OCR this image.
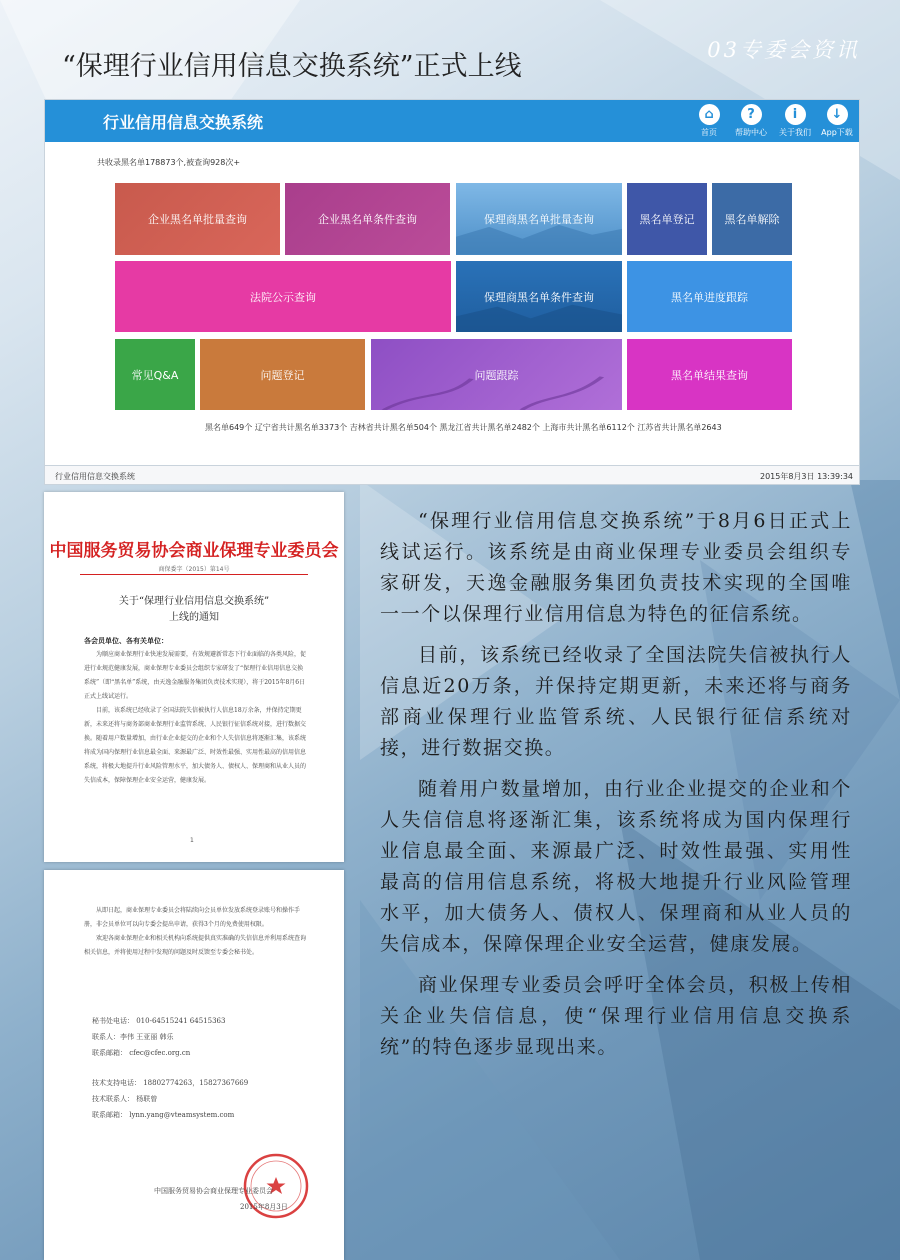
“保理行业信用信息交换系统”正式上线
03专委会资讯
行业信用信息交换系统
⌂
首页
?
帮助中心
i
关于我们
↓
App下载
共收录黑名单178873个,被查询928次+
企业黑名单批量查询	企业黑名单条件查询	保理商黑名单批量查询	黑名单登记	黑名单解除
法院公示查询	保理商黑名单条件查询	黑名单进度跟踪
常见Q&A	问题登记	问题跟踪	黑名单结果查询
黑名单649个 辽宁省共计黑名单3373个 吉林省共计黑名单504个 黑龙江省共计黑名单2482个 上海市共计黑名单6112个 江苏省共计黑名单2643
行业信用信息交换系统	2015年8月3日 13:39:34
中国服务贸易协会商业保理专业委员会
商保委字（2015）第14号
关于“保理行业信用信息交换系统”
上线的通知

各会员单位、各有关单位：

为顺应商业保理行业快速发展需要，有效规避新常态下行业面临的各类风险，促进行业规范健康发展，商业保理专业委员会组织专家研发了“保理行业信用信息交换系统”（即“黑名单”系统，由天逸金融服务集团负责技术实现），将于2015年8月6日正式上线试运行。

目前，该系统已经收录了全国法院失信被执行人信息18万余条，并保持定期更新，未来还将与商务部商业保理行业监管系统、人民银行征信系统对接，进行数据交换。随着用户数量增加，由行业企业提交的企业和个人失信信息将逐渐汇集，该系统将成为国内保理行业信息最全面、来源最广泛、时效性最强、实用性最高的信用信息系统，将极大地提升行业风险管理水平，加大债务人、债权人、保理商和从业人员的失信成本，保障保理企业安全运营，健康发展。

1

从即日起，商业保理专业委员会将陆续向会员单位发放系统登录账号和操作手册，非会员单位可以向专委会提出申请，获得3个月的免费使用权限。

欢迎各商业保理企业和相关机构向系统提供真实准确的失信信息并利用系统查询相关信息，并将使用过程中发现的问题及时反馈至专委会秘书处。

秘书处电话： 010-64515241 64515363
联系人：李伟 王亚丽 韩乐
联系邮箱： cfec@cfec.org.cn
技术支持电话： 18802774263，15827367669
技术联系人： 杨联曾
联系邮箱： lynn.yang@vteamsystem.com
中国服务贸易协会商业保理专业委员会
2015年8月3日

“保理行业信用信息交换系统”于8月6日正式上线试运行。该系统是由商业保理专业委员会组织专家研发，天逸金融服务集团负责技术实现的全国唯一一个以保理行业信用信息为特色的征信系统。

目前，该系统已经收录了全国法院失信被执行人信息近20万条，并保持定期更新，未来还将与商务部商业保理行业监管系统、人民银行征信系统对接，进行数据交换。

随着用户数量增加，由行业企业提交的企业和个人失信信息将逐渐汇集，该系统将成为国内保理行业信息最全面、来源最广泛、时效性最强、实用性最高的信用信息系统，将极大地提升行业风险管理水平，加大债务人、债权人、保理商和从业人员的失信成本，保障保理企业安全运营，健康发展。

商业保理专业委员会呼吁全体会员，积极上传相关企业失信信息，使“保理行业信用信息交换系统”的特色逐步显现出来。
